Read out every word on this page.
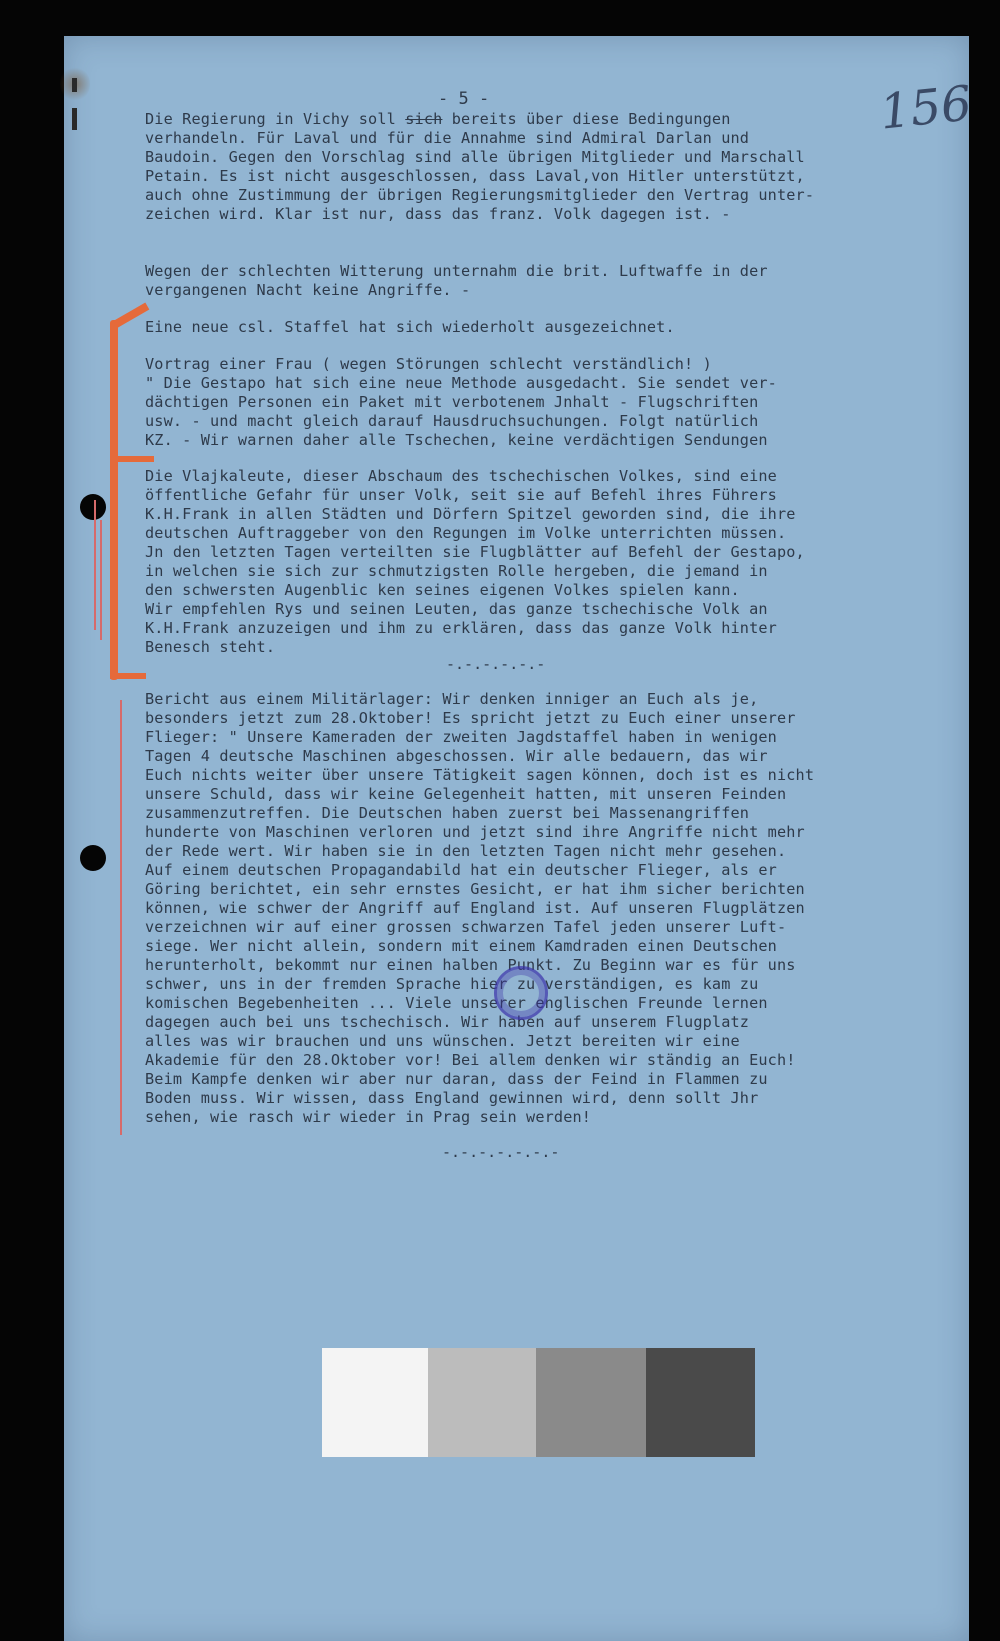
- 5 -	156

Die Regierung in Vichy soll sich bereits über diese Bedingungen

verhandeln. Für Laval und für die Annahme sind Admiral Darlan und

Baudoin. Gegen den Vorschlag sind alle übrigen Mitglieder und Marschall

Petain. Es ist nicht ausgeschlossen, dass Laval,von Hitler unterstützt,

auch ohne Zustimmung der übrigen Regierungsmitglieder den Vertrag unter-

zeichen wird. Klar ist nur, dass das franz. Volk dagegen ist. -

Wegen der schlechten Witterung unternahm die brit. Luftwaffe in der

vergangenen Nacht keine Angriffe. -

Eine neue csl. Staffel hat sich wiederholt ausgezeichnet.

Vortrag einer Frau ( wegen Störungen schlecht verständlich! )

" Die Gestapo hat sich eine neue Methode ausgedacht. Sie sendet ver-

dächtigen Personen ein Paket mit verbotenem Jnhalt - Flugschriften

usw. - und macht gleich darauf Hausdruchsuchungen. Folgt natürlich

KZ. - Wir warnen daher alle Tschechen, keine verdächtigen Sendungen

Die Vlajkaleute, dieser Abschaum des tschechischen Volkes, sind eine

öffentliche Gefahr für unser Volk, seit sie auf Befehl ihres Führers

K.H.Frank in allen Städten und Dörfern Spitzel geworden sind, die ihre

deutschen Auftraggeber von den Regungen im Volke unterrichten müssen.

Jn den letzten Tagen verteilten sie Flugblätter auf Befehl der Gestapo,

in welchen sie sich zur schmutzigsten Rolle hergeben, die jemand in

den schwersten Augenblic ken seines eigenen Volkes spielen kann.

Wir empfehlen Rys und seinen Leuten, das ganze tschechische Volk an

K.H.Frank anzuzeigen und ihm zu erklären, dass das ganze Volk hinter

Benesch steht.

Bericht aus einem Militärlager: Wir denken inniger an Euch als je,

besonders jetzt zum 28.Oktober! Es spricht jetzt zu Euch einer unserer

Flieger: " Unsere Kameraden der zweiten Jagdstaffel haben in wenigen

Tagen 4 deutsche Maschinen abgeschossen. Wir alle bedauern, das wir

Euch nichts weiter über unsere Tätigkeit sagen können, doch ist es nicht

unsere Schuld, dass wir keine Gelegenheit hatten, mit unseren Feinden

zusammenzutreffen. Die Deutschen haben zuerst bei Massenangriffen

hunderte von Maschinen verloren und jetzt sind ihre Angriffe nicht mehr

der Rede wert. Wir haben sie in den letzten Tagen nicht mehr gesehen.

Auf einem deutschen Propagandabild hat ein deutscher Flieger, als er

Göring berichtet, ein sehr ernstes Gesicht, er hat ihm sicher berichten

können, wie schwer der Angriff auf England ist. Auf unseren Flugplätzen

verzeichnen wir auf einer grossen schwarzen Tafel jeden unserer Luft-

siege. Wer nicht allein, sondern mit einem Kamdraden einen Deutschen

herunterholt, bekommt nur einen halben Punkt. Zu Beginn war es für uns

schwer, uns in der fremden Sprache hier zu verständigen, es kam zu

komischen Begebenheiten ... Viele unserer englischen Freunde lernen

dagegen auch bei uns tschechisch. Wir haben auf unserem Flugplatz

alles was wir brauchen und uns wünschen. Jetzt bereiten wir eine

Akademie für den 28.Oktober vor! Bei allem denken wir ständig an Euch!

Beim Kampfe denken wir aber nur daran, dass der Feind in Flammen zu

Boden muss. Wir wissen, dass England gewinnen wird, denn sollt Jhr

sehen, wie rasch wir wieder in Prag sein werden!

-.-.-.-.-.-
-.-.-.-.-.-.-
